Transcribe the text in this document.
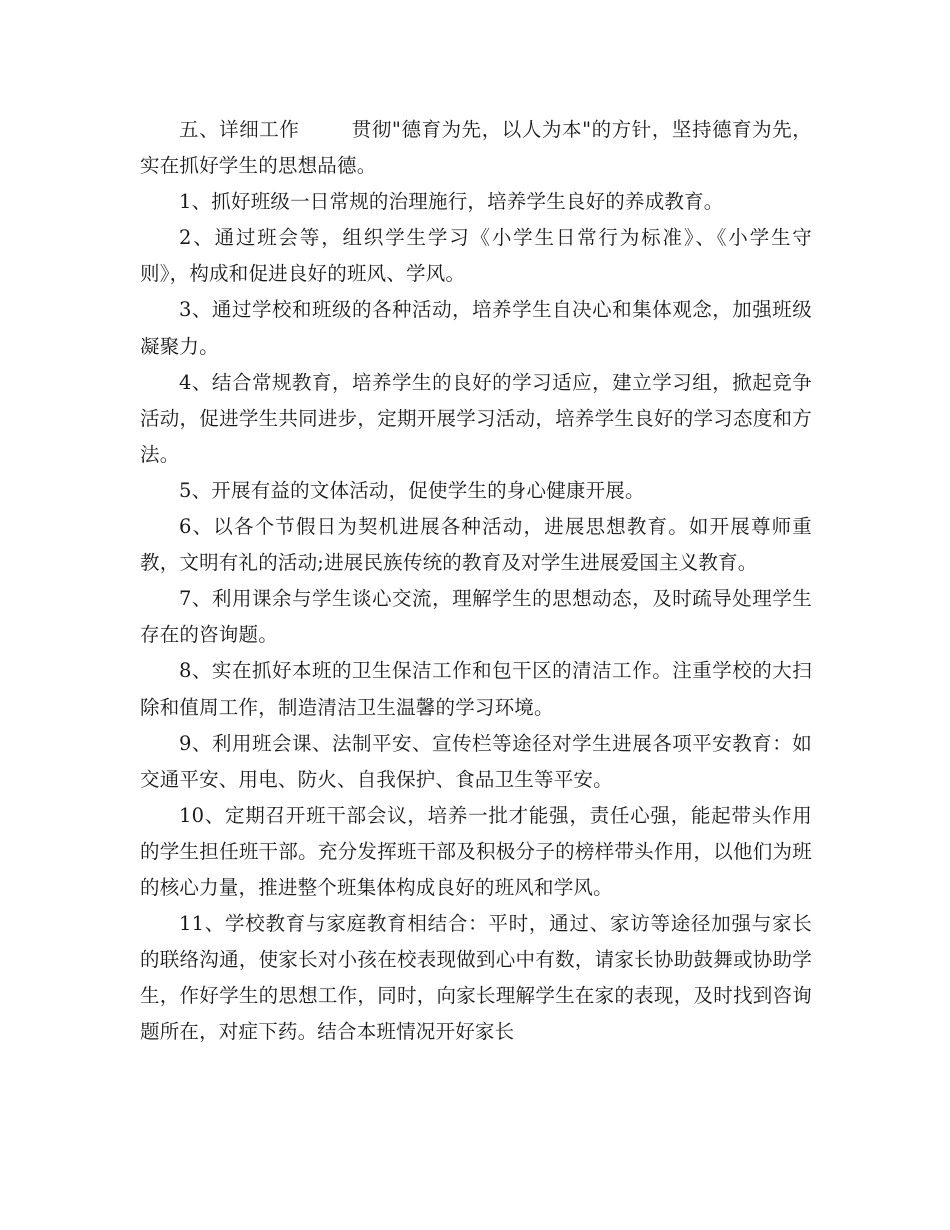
五、详细工作	贯彻"德育为先，以人为本"的方针，坚持德育为先，实在抓好学生的思想品德。

1、抓好班级一日常规的治理施行，培养学生良好的养成教育。

2、通过班会等，组织学生学习《小学生日常行为标准》、《小学生守则》，构成和促进良好的班风、学风。

3、通过学校和班级的各种活动，培养学生自决心和集体观念，加强班级凝聚力。

4、结合常规教育，培养学生的良好的学习适应，建立学习组，掀起竞争活动，促进学生共同进步，定期开展学习活动，培养学生良好的学习态度和方法。

5、开展有益的文体活动，促使学生的身心健康开展。

6、以各个节假日为契机进展各种活动，进展思想教育。如开展尊师重教，文明有礼的活动;进展民族传统的教育及对学生进展爱国主义教育。

7、利用课余与学生谈心交流，理解学生的思想动态，及时疏导处理学生存在的咨询题。

8、实在抓好本班的卫生保洁工作和包干区的清洁工作。注重学校的大扫除和值周工作，制造清洁卫生温馨的学习环境。

9、利用班会课、法制平安、宣传栏等途径对学生进展各项平安教育：如交通平安、用电、防火、自我保护、食品卫生等平安。

10、定期召开班干部会议，培养一批才能强，责任心强，能起带头作用的学生担任班干部。充分发挥班干部及积极分子的榜样带头作用，以他们为班的核心力量，推进整个班集体构成良好的班风和学风。

11、学校教育与家庭教育相结合：平时，通过、家访等途径加强与家长的联络沟通，使家长对小孩在校表现做到心中有数，请家长协助鼓舞或协助学生，作好学生的思想工作，同时，向家长理解学生在家的表现，及时找到咨询题所在，对症下药。结合本班情况开好家长
